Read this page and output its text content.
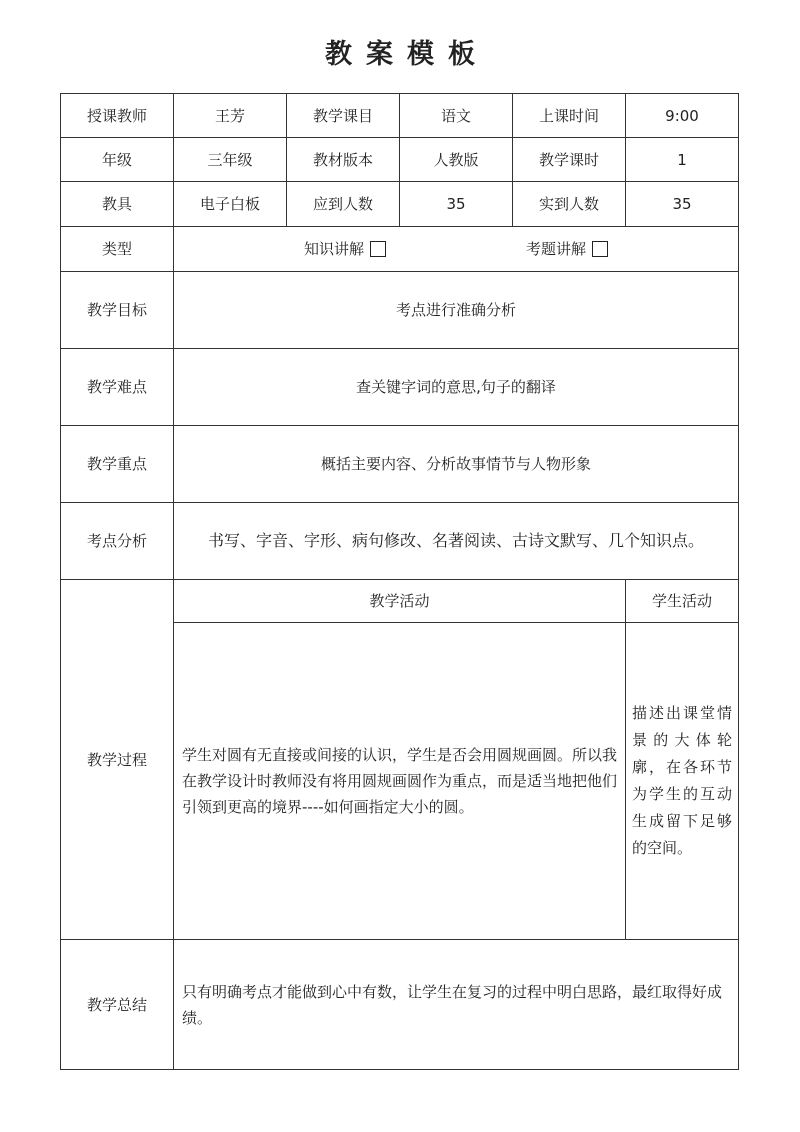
教案模板
授课教师	王芳	教学课目	语文	上课时间	9:00
年级	三年级	教材版本	人教版	教学课时	1
教具	电子白板	应到人数	35	实到人数	35
类型	知识讲解 考题讲解				

教学目标	考点进行准确分析				
教学难点	查关键字词的意思,句子的翻译				
教学重点	概括主要内容、分析故事情节与人物形象				
考点分析	书写、字音、字形、病句修改、名著阅读、古诗文默写、几个知识点。				
教学过程	教学活动				学生活动
	学生对圆有无直接或间接的认识，学生是否会用圆规画圆。所以我在教学设计时教师没有将用圆规画圆作为重点，而是适当地把他们引领到更高的境界----如何画指定大小的圆。				描述出课堂情景的大体轮廓，在各环节为学生的互动生成留下足够的空间。
教学总结	只有明确考点才能做到心中有数，让学生在复习的过程中明白思路，最红取得好成绩。				
